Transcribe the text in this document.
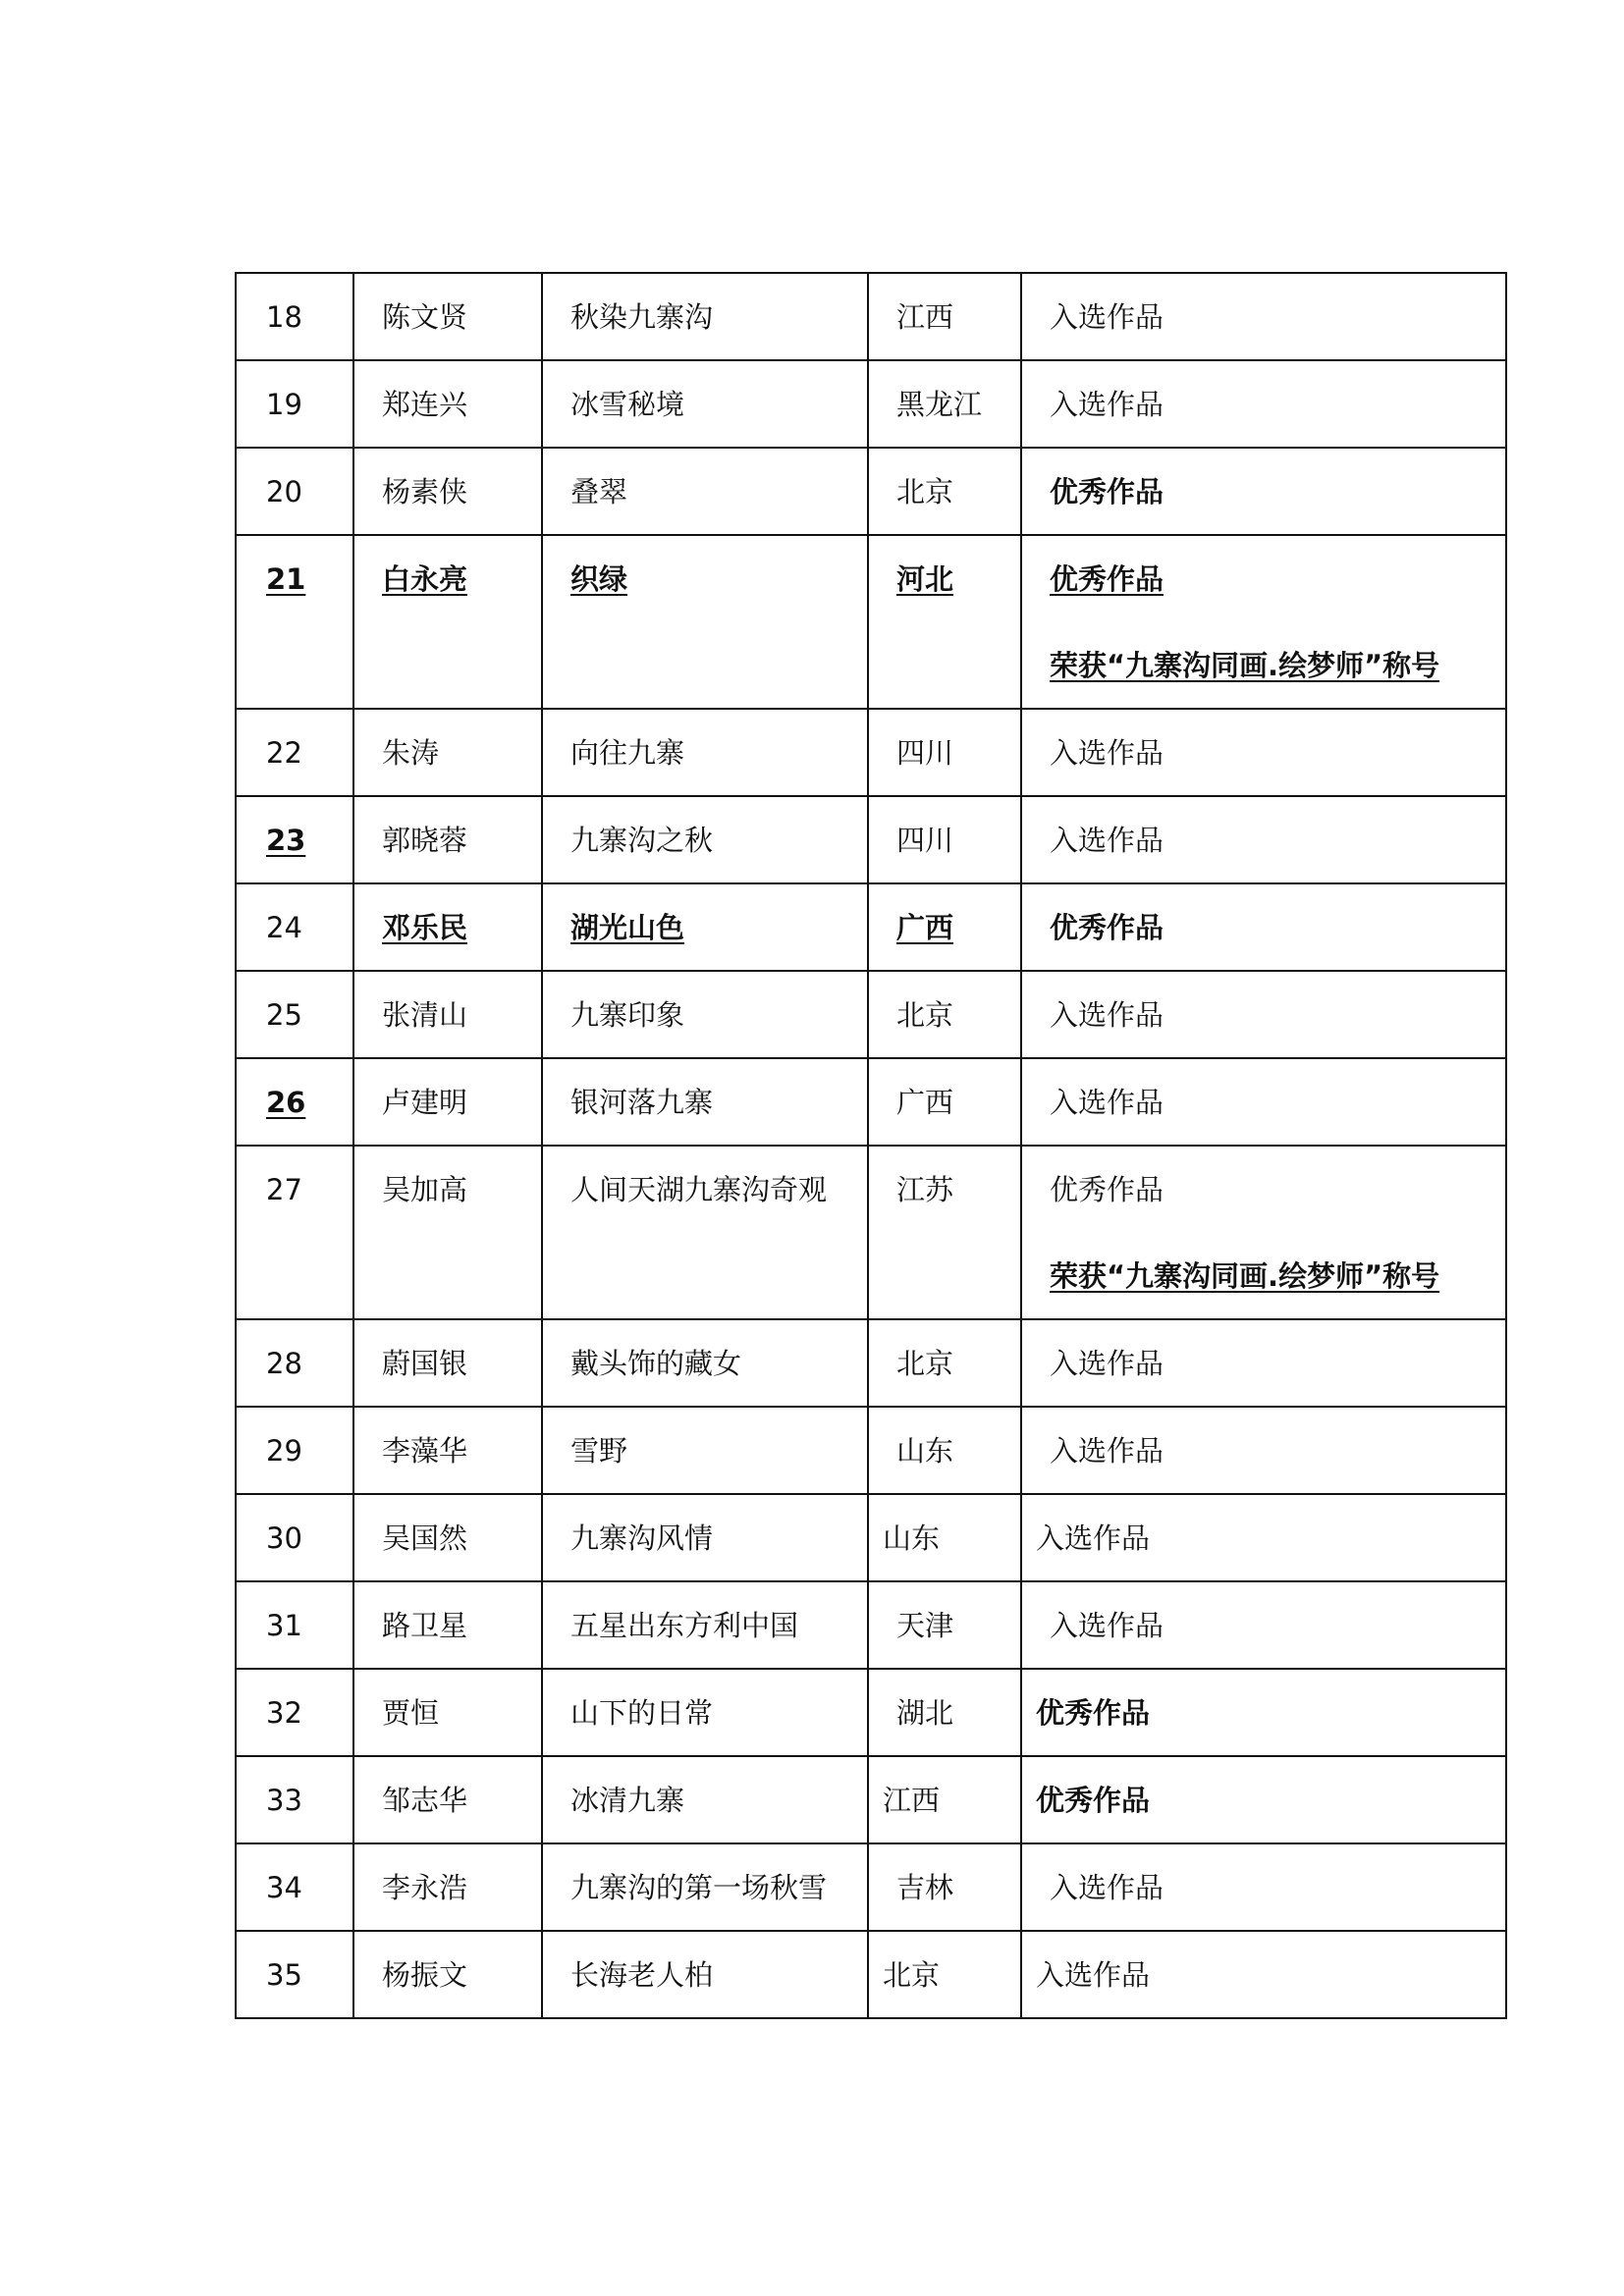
18	陈文贤	秋染九寨沟	江西	入选作品

19	郑连兴	冰雪秘境	黑龙江	入选作品

20	杨素侠	叠翠	北京	优秀作品

21	白永亮	织绿	河北	优秀作品
荣获“九寨沟同画.绘梦师”称号

22	朱涛	向往九寨	四川	入选作品

23	郭晓蓉	九寨沟之秋	四川	入选作品

24	邓乐民	湖光山色	广西	优秀作品

25	张清山	九寨印象	北京	入选作品

26	卢建明	银河落九寨	广西	入选作品

27	吴加高	人间天湖九寨沟奇观	江苏	优秀作品
荣获“九寨沟同画.绘梦师”称号

28	蔚国银	戴头饰的藏女	北京	入选作品

29	李藻华	雪野	山东	入选作品

30	吴国然	九寨沟风情	山东	入选作品

31	路卫星	五星出东方利中国	天津	入选作品

32	贾恒	山下的日常	湖北	优秀作品

33	邹志华	冰清九寨	江西	优秀作品

34	李永浩	九寨沟的第一场秋雪	吉林	入选作品

35	杨振文	长海老人柏	北京	入选作品
